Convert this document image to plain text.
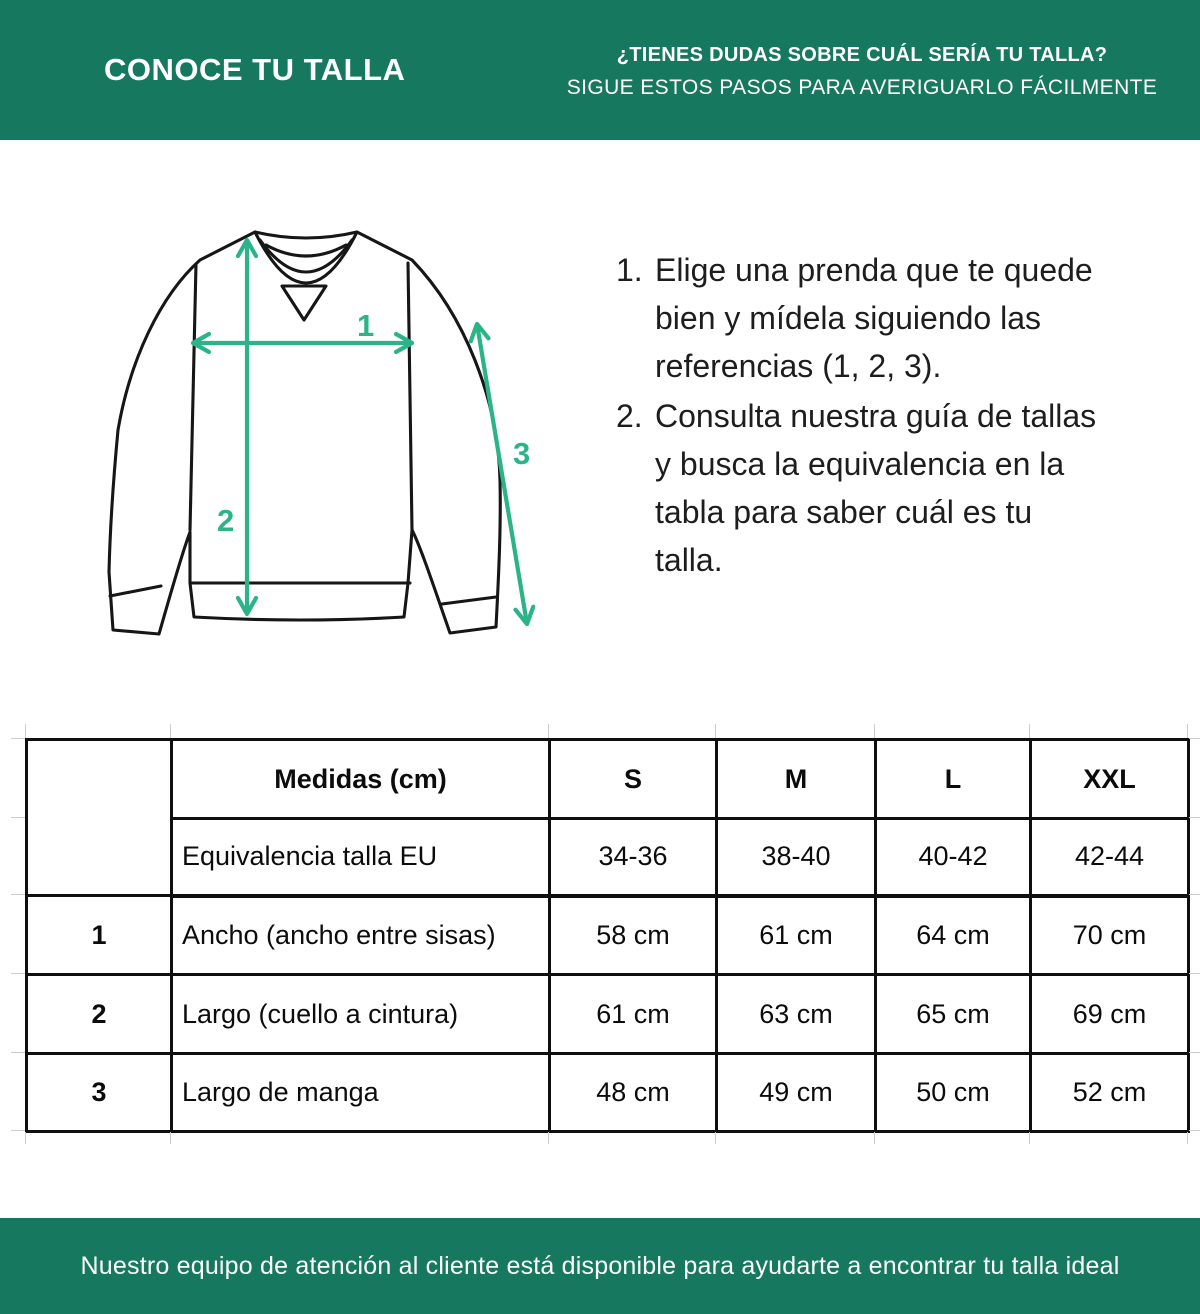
CONOCE TU TALLA	¿TIENES DUDAS SOBRE CUÁL SERÍA TU TALLA?
SIGUE ESTOS PASOS PARA AVERIGUARLO FÁCILMENTE
1
2
3
1. Elige una prenda que te quede
bien y mídela siguiendo las
referencias (1, 2, 3).
2. Consulta nuestra guía de tallas
y busca la equivalencia en la
tabla para saber cuál es tu
talla.
	Medidas (cm)	S	M	L	XXL
	Equivalencia talla EU	34-36	38-40	40-42	42-44
1	Ancho (ancho entre sisas)	58 cm	61 cm	64 cm	70 cm
2	Largo (cuello a cintura)	61 cm	63 cm	65 cm	69 cm
3	Largo de manga	48 cm	49 cm	50 cm	52 cm
Nuestro equipo de atención al cliente está disponible para ayudarte a encontrar tu talla ideal
